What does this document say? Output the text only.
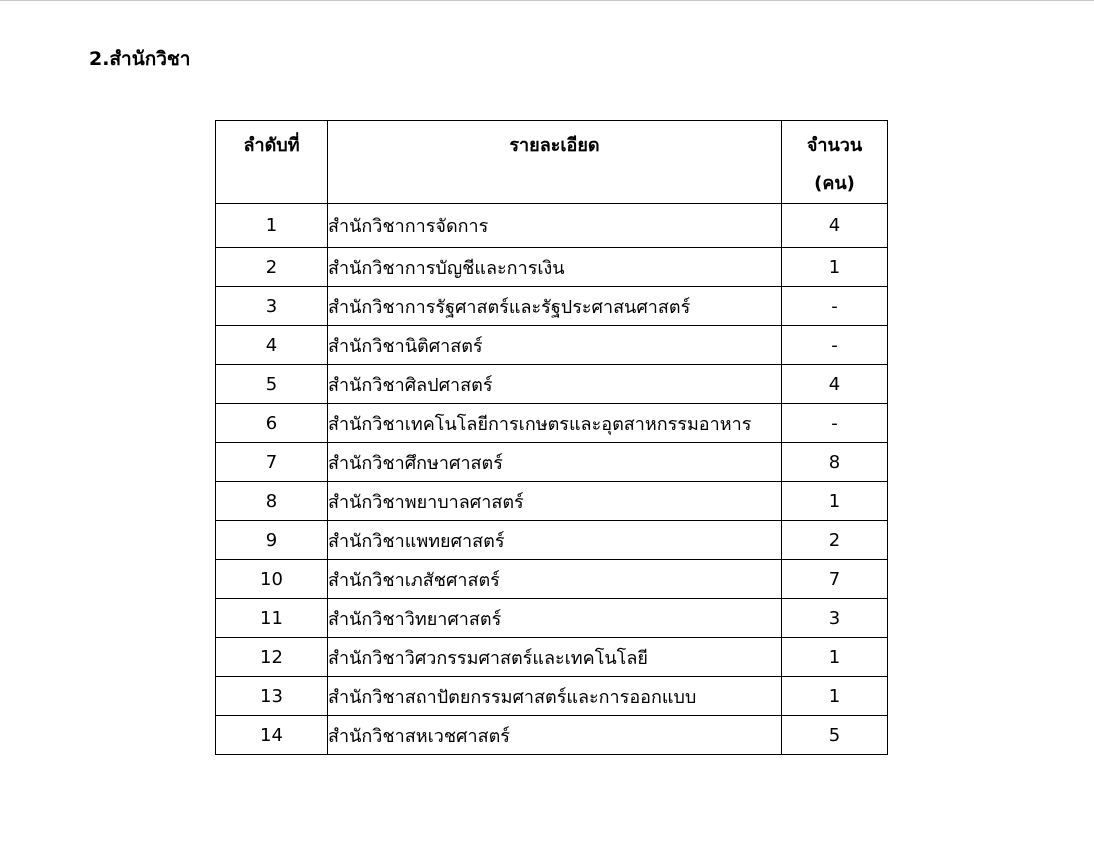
2.สำนักวิชา
ลำดับที่	รายละเอียด	จำนวน
(คน)
1	สำนักวิชาการจัดการ	4
2	สำนักวิชาการบัญชีและการเงิน	1
3	สำนักวิชาการรัฐศาสตร์และรัฐประศาสนศาสตร์	-
4	สำนักวิชานิติศาสตร์	-
5	สำนักวิชาศิลปศาสตร์	4
6	สำนักวิชาเทคโนโลยีการเกษตรและอุตสาหกรรมอาหาร	-
7	สำนักวิชาศึกษาศาสตร์	8
8	สำนักวิชาพยาบาลศาสตร์	1
9	สำนักวิชาแพทยศาสตร์	2
10	สำนักวิชาเภสัชศาสตร์	7
11	สำนักวิชาวิทยาศาสตร์	3
12	สำนักวิชาวิศวกรรมศาสตร์และเทคโนโลยี	1
13	สำนักวิชาสถาปัตยกรรมศาสตร์และการออกแบบ	1
14	สำนักวิชาสหเวชศาสตร์	5
